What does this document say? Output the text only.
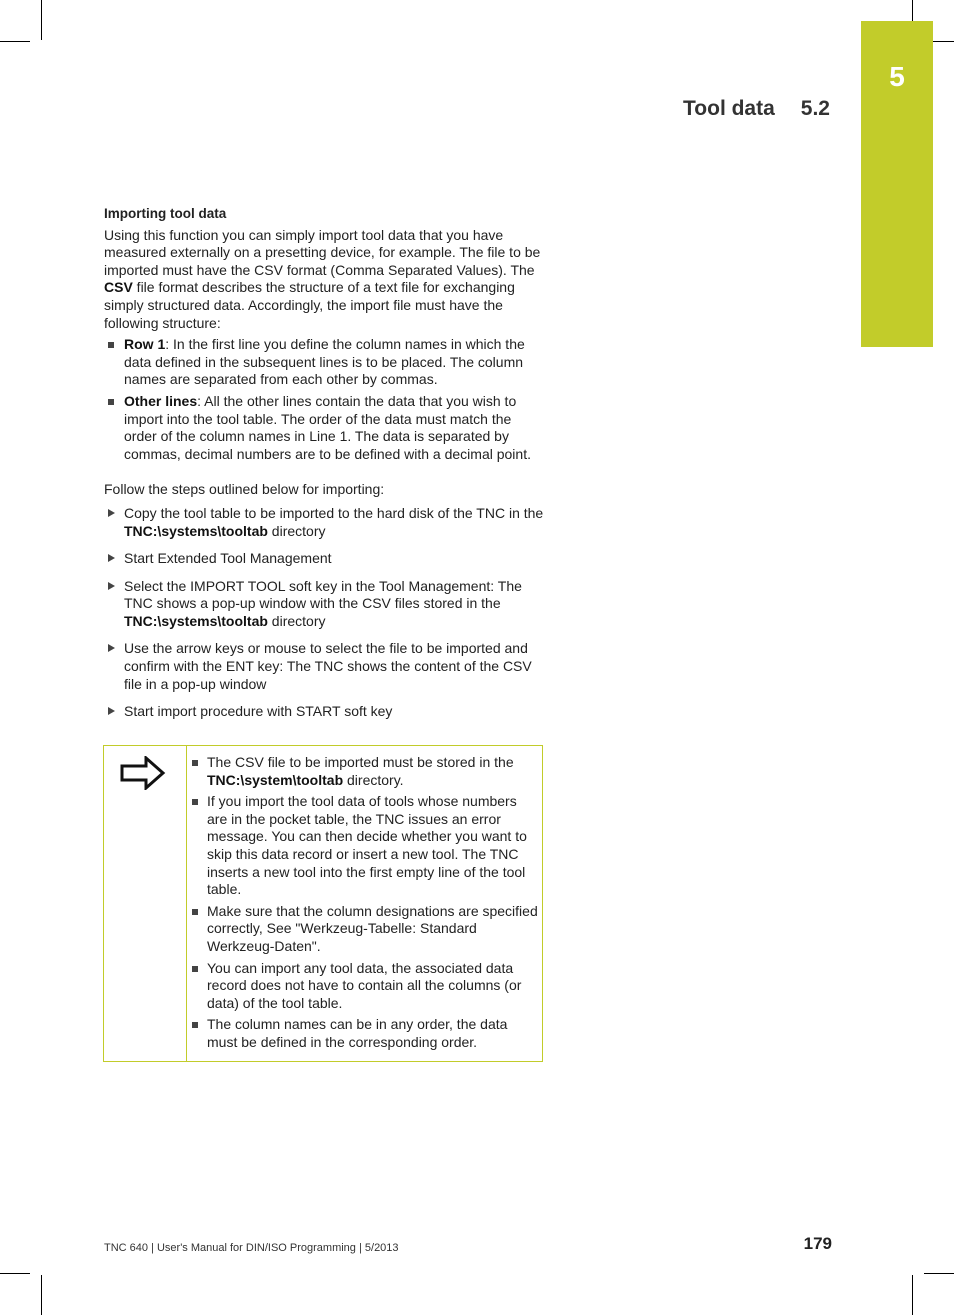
5
Tool data 5.2

Importing tool data

Using this function you can simply import tool data that you have measured externally on a presetting device, for example. The file to be imported must have the CSV format (Comma Separated Values). The CSV file format describes the structure of a text file for exchanging simply structured data. Accordingly, the import file must have the following structure:

Row 1: In the first line you define the column names in which the data defined in the subsequent lines is to be placed. The column names are separated from each other by commas.
Other lines: All the other lines contain the data that you wish to import into the tool table. The order of the data must match the order of the column names in Line 1. The data is separated by commas, decimal numbers are to be defined with a decimal point.

Follow the steps outlined below for importing:

Copy the tool table to be imported to the hard disk of the TNC in the TNC:\systems\tooltab directory
Start Extended Tool Management
Select the IMPORT TOOL soft key in the Tool Management: The TNC shows a pop-up window with the CSV files stored in the TNC:\systems\tooltab directory
Use the arrow keys or mouse to select the file to be imported and confirm with the ENT key: The TNC shows the content of the CSV file in a pop-up window
Start import procedure with START soft key
The CSV file to be imported must be stored in the TNC:\system\tooltab directory.
If you import the tool data of tools whose numbers are in the pocket table, the TNC issues an error message. You can then decide whether you want to skip this data record or insert a new tool. The TNC inserts a new tool into the first empty line of the tool table.
Make sure that the column designations are specified correctly, See "Werkzeug-Tabelle: Standard Werkzeug-Daten".
You can import any tool data, the associated data record does not have to contain all the columns (or data) of the tool table.
The column names can be in any order, the data must be defined in the corresponding order.
TNC 640 | User's Manual for DIN/ISO Programming | 5/2013	179
